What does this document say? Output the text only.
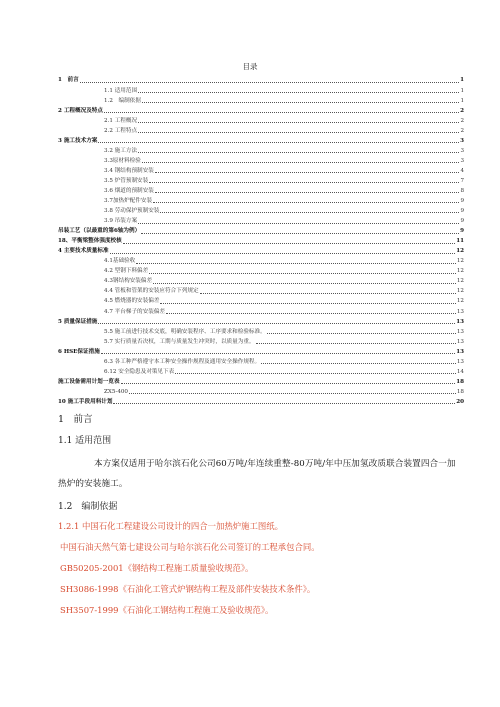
目录
1　前言	1
1.1 适用范围	1
1.2　编制依据	1
2 工程概况及特点	2
2.1 工程概况	2
2.2 工程特点	2
3 施工技术方案	3
3.2 施工方法	3
3.3原材料检验	3
3.4 钢结构预制安装	4
3.5 炉管预制安装	7
3.6 烟道的预制安装	8
3.7加热炉配件安装	9
3.8 劳动保护预制安装	9
3.9 吊装方案	9
吊装工艺（以最重的第6轴为例）	9
18、平衡梁整体强度校核	11
4 主要技术质量标准	12
4.1基础验收	12
4.2 型钢下料偏差	12
4.3钢结构安装偏差	12
4.4 管板和管架的安装应符合下列规定	12
4.5 燃烧器的安装偏差	12
4.7 平台梯子的安装偏差	13
5 质量保证措施	13
5.5 施工前进行技术交底，明确安装程序、工序要求和检验标准。	13
5.7 实行质量否决权，工期与质量发生冲突时，以质量为重。	13
6 HSE保证措施	13
6.3 各工种严格遵守本工种安全操作规程及通用安全操作规程。	13
6.12 安全隐患及对策见下表	14
施工设备需用计划一览表	18
ZX5-400	18
10 施工手段用料计划	20
1　前言
1.1 适用范围
本方案仅适用于哈尔滨石化公司60万吨/年连续重整-80万吨/年中压加氢改质联合装置四合一加热炉的安装施工。
1.2　编制依据
1.2.1 中国石化工程建设公司设计的四合一加热炉施工图纸。
中国石油天然气第七建设公司与哈尔滨石化公司签订的工程承包合同。
GB50205-2001《钢结构工程施工质量验收规范》。
SH3086-1998《石油化工管式炉钢结构工程及部件安装技术条件》。
SH3507-1999《石油化工钢结构工程施工及验收规范》。
